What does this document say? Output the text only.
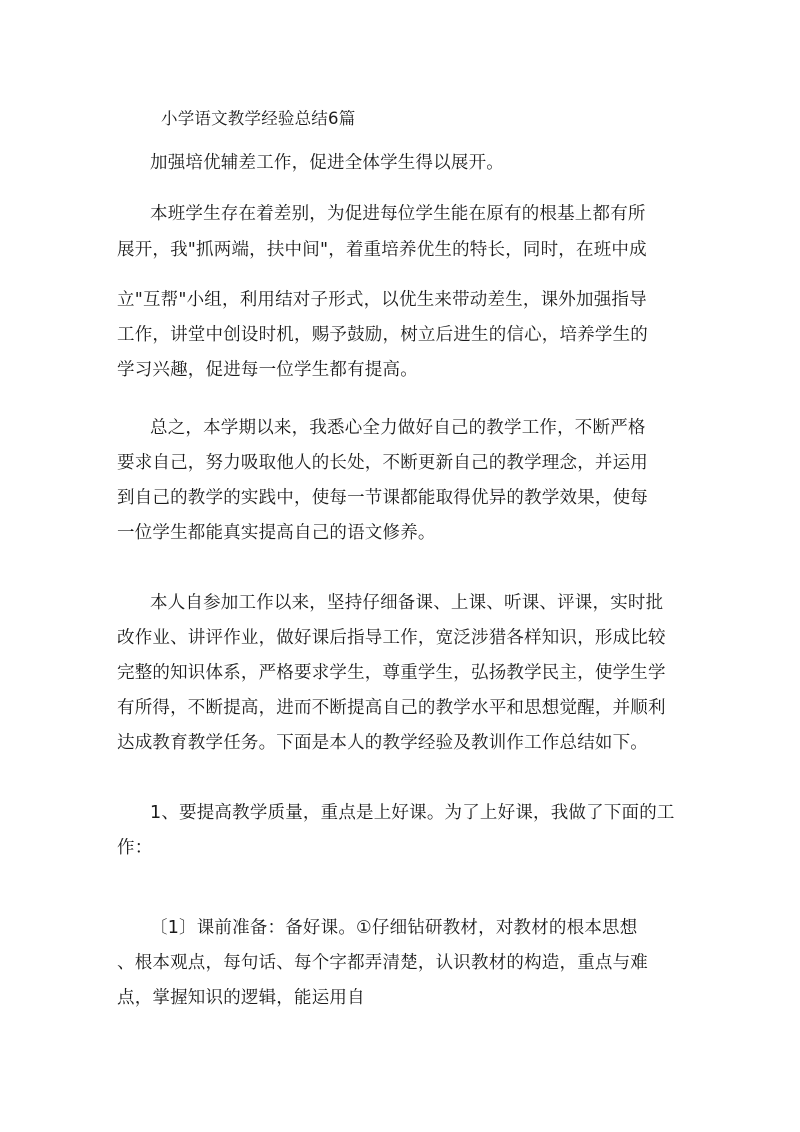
小学语文教学经验总结6篇

加强培优辅差工作，促进全体学生得以展开。

本班学生存在着差别，为促进每位学生能在原有的根基上都有所

展开，我"抓两端，扶中间"，着重培养优生的特长，同时，在班中成

立"互帮"小组，利用结对子形式，以优生来带动差生，课外加强指导

工作，讲堂中创设时机，赐予鼓励，树立后进生的信心，培养学生的

学习兴趣，促进每一位学生都有提高。

总之，本学期以来，我悉心全力做好自己的教学工作，不断严格

要求自己，努力吸取他人的长处，不断更新自己的教学理念，并运用

到自己的教学的实践中，使每一节课都能取得优异的教学效果，使每

一位学生都能真实提高自己的语文修养。

本人自参加工作以来，坚持仔细备课、上课、听课、评课，实时批

改作业、讲评作业，做好课后指导工作，宽泛涉猎各样知识，形成比较

完整的知识体系，严格要求学生，尊重学生，弘扬教学民主，使学生学

有所得，不断提高，进而不断提高自己的教学水平和思想觉醒，并顺利

达成教育教学任务。下面是本人的教学经验及教训作工作总结如下。

1、要提高教学质量，重点是上好课。为了上好课，我做了下面的工

作：

〔1〕课前准备：备好课。①仔细钻研教材，对教材的根本思想

、根本观点，每句话、每个字都弄清楚，认识教材的构造，重点与难

点，掌握知识的逻辑，能运用自
